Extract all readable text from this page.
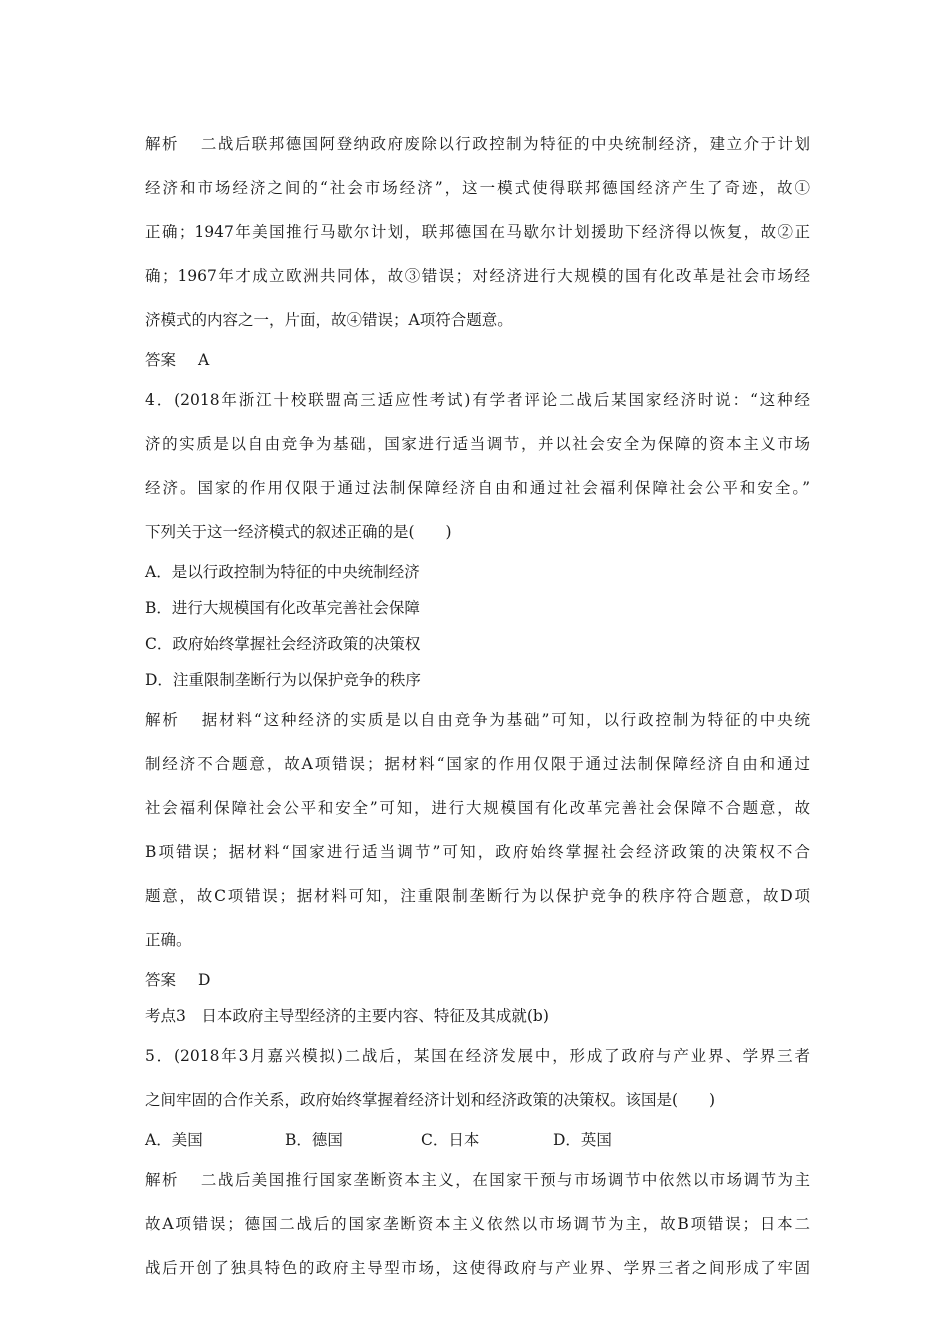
解析 二战后联邦德国阿登纳政府废除以行政控制为特征的中央统制经济，建立介于计划
经济和市场经济之间的“社会市场经济”，这一模式使得联邦德国经济产生了奇迹，故①
正确；1947年美国推行马歇尔计划，联邦德国在马歇尔计划援助下经济得以恢复，故②正
确；1967年才成立欧洲共同体，故③错误；对经济进行大规模的国有化改革是社会市场经
济模式的内容之一，片面，故④错误；A项符合题意。
答案 A
4．(2018年浙江十校联盟高三适应性考试)有学者评论二战后某国家经济时说：“这种经
济的实质是以自由竞争为基础，国家进行适当调节，并以社会安全为保障的资本主义市场
经济。国家的作用仅限于通过法制保障经济自由和通过社会福利保障社会公平和安全。”
下列关于这一经济模式的叙述正确的是(　　)
A．是以行政控制为特征的中央统制经济
B．进行大规模国有化改革完善社会保障
C．政府始终掌握社会经济政策的决策权
D．注重限制垄断行为以保护竞争的秩序
解析 据材料“这种经济的实质是以自由竞争为基础”可知，以行政控制为特征的中央统
制经济不合题意，故A项错误；据材料“国家的作用仅限于通过法制保障经济自由和通过
社会福利保障社会公平和安全”可知，进行大规模国有化改革完善社会保障不合题意，故
B项错误；据材料“国家进行适当调节”可知，政府始终掌握社会经济政策的决策权不合
题意，故C项错误；据材料可知，注重限制垄断行为以保护竞争的秩序符合题意，故D项
正确。
答案 D
考点3　日本政府主导型经济的主要内容、特征及其成就(b)
5．(2018年3月嘉兴模拟)二战后，某国在经济发展中，形成了政府与产业界、学界三者
之间牢固的合作关系，政府始终掌握着经济计划和经济政策的决策权。该国是(　　)
A．美国	B．德国	C．日本	D．英国
解析 二战后美国推行国家垄断资本主义，在国家干预与市场调节中依然以市场调节为主
故A项错误；德国二战后的国家垄断资本主义依然以市场调节为主，故B项错误；日本二
战后开创了独具特色的政府主导型市场，这使得政府与产业界、学界三者之间形成了牢固
